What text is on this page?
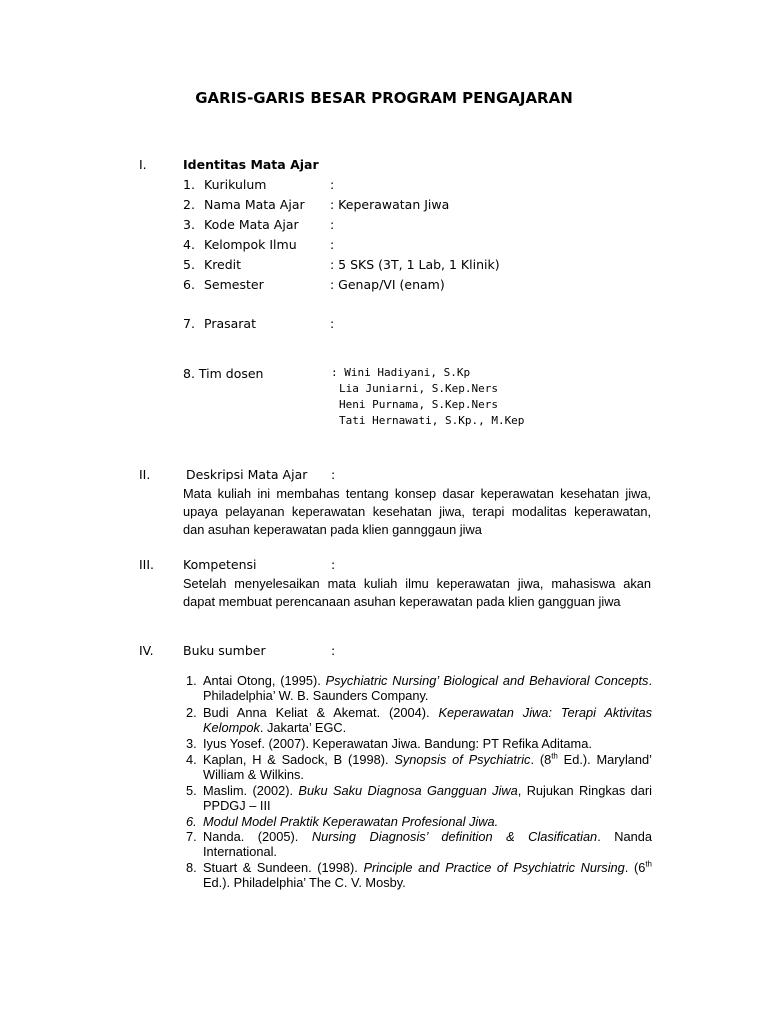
GARIS-GARIS BESAR PROGRAM PENGAJARAN
I.	Identitas Mata Ajar
1. Kurikulum	:
2. Nama Mata Ajar : Keperawatan Jiwa
3. Kode Mata Ajar	:
4. Kelompok Ilmu	:
5. Kredit	: 5 SKS (3T, 1 Lab, 1 Klinik)
6. Semester	: Genap/VI (enam)
7. Prasarat	:
8. Tim dosen	: Wini Hadiyani, S.Kp
Lia Juniarni, S.Kep.Ners
Heni Purnama, S.Kep.Ners
Tati Hernawati, S.Kp., M.Kep
II.	Deskripsi Mata Ajar :
Mata kuliah ini membahas tentang konsep dasar keperawatan kesehatan jiwa,
upaya pelayanan keperawatan kesehatan jiwa, terapi modalitas keperawatan,
dan asuhan keperawatan pada klien gannggaun jiwa
III. Kompetensi	:
Setelah menyelesaikan mata kuliah ilmu keperawatan jiwa, mahasiswa akan
dapat membuat perencanaan asuhan keperawatan pada klien gangguan jiwa
IV. Buku sumber	:
1. Antai Otong, (1995). Psychiatric Nursing’ Biological and Behavioral Concepts.
Philadelphia’ W. B. Saunders Company.
2. Budi Anna Keliat & Akemat. (2004). Keperawatan Jiwa: Terapi Aktivitas
Kelompok. Jakarta’ EGC.
3. Iyus Yosef. (2007). Keperawatan Jiwa. Bandung: PT Refika Aditama.
4. Kaplan, H & Sadock, B (1998). Synopsis of Psychiatric. (8th Ed.). Maryland’
William & Wilkins.
5. Maslim. (2002). Buku Saku Diagnosa Gangguan Jiwa, Rujukan Ringkas dari
PPDGJ – III
6. Modul Model Praktik Keperawatan Profesional Jiwa.
7. Nanda. (2005). Nursing Diagnosis’ definition & Clasificatian. Nanda
International.
8. Stuart & Sundeen. (1998). Principle and Practice of Psychiatric Nursing. (6th
Ed.). Philadelphia’ The C. V. Mosby.
